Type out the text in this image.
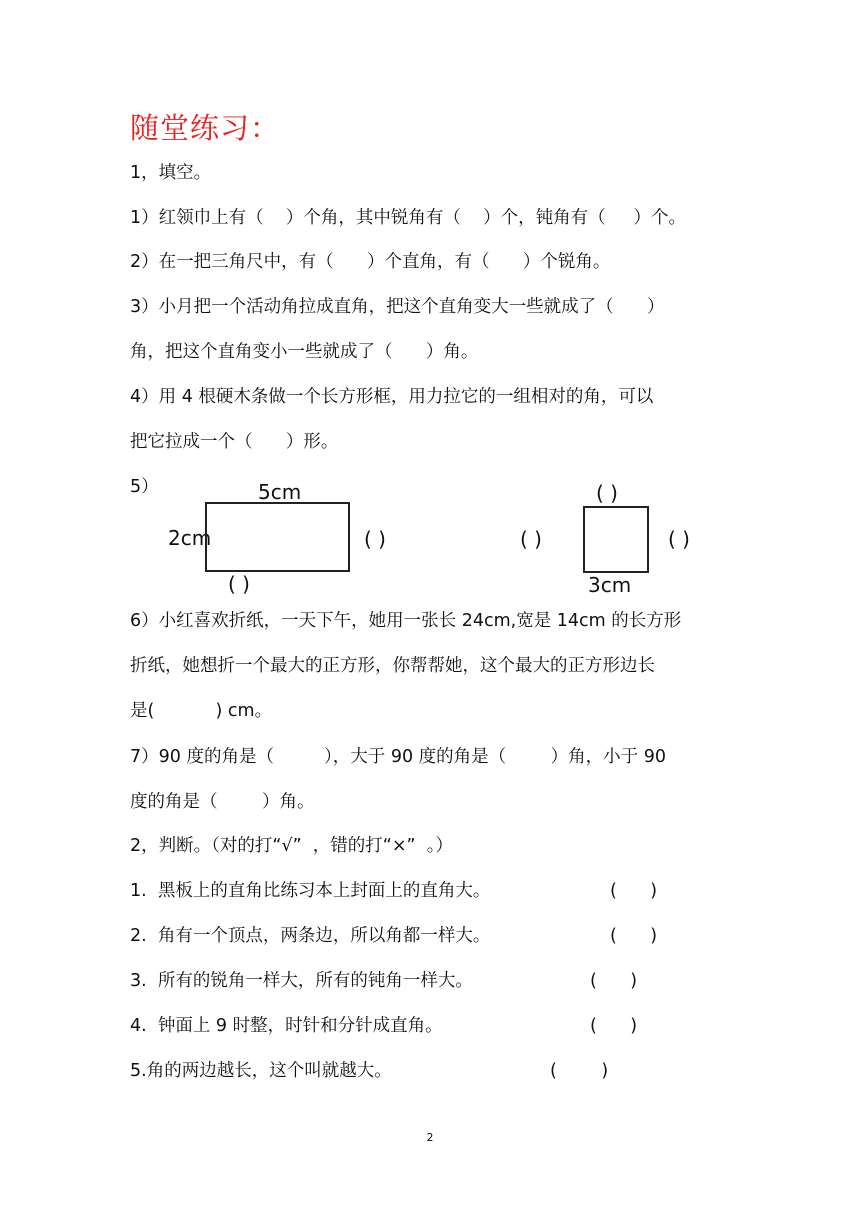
随堂练习：
1，填空。
1）红领巾上有（    ）个角，其中锐角有（    ）个，钝角有（     ）个。
2）在一把三角尺中，有（      ）个直角，有（      ）个锐角。
3）小月把一个活动角拉成直角，把这个直角变大一些就成了（      ）
角，把这个直角变小一些就成了（      ）角。
4）用 4 根硬木条做一个长方形框，用力拉它的一组相对的角，可以
把它拉成一个（      ）形。
5）	5cm
2cm	( )
( )
( )
( )	( )
3cm
6）小红喜欢折纸，一天下午，她用一张长 24cm,宽是 14cm 的长方形
折纸，她想折一个最大的正方形，你帮帮她，这个最大的正方形边长
是(           ) cm。
7）90 度的角是（         ），大于 90 度的角是（        ）角，小于 90
度的角是（        ）角。
2，判断。（对的打“√”  ，错的打“×”  。）
1.  黑板上的直角比练习本上封面上的直角大。	(      )
2.  角有一个顶点，两条边，所以角都一样大。	(      )
3.  所有的锐角一样大，所有的钝角一样大。	(      )
4.  钟面上 9 时整，时针和分针成直角。	(      )
5.角的两边越长，这个叫就越大。	(        )
2
